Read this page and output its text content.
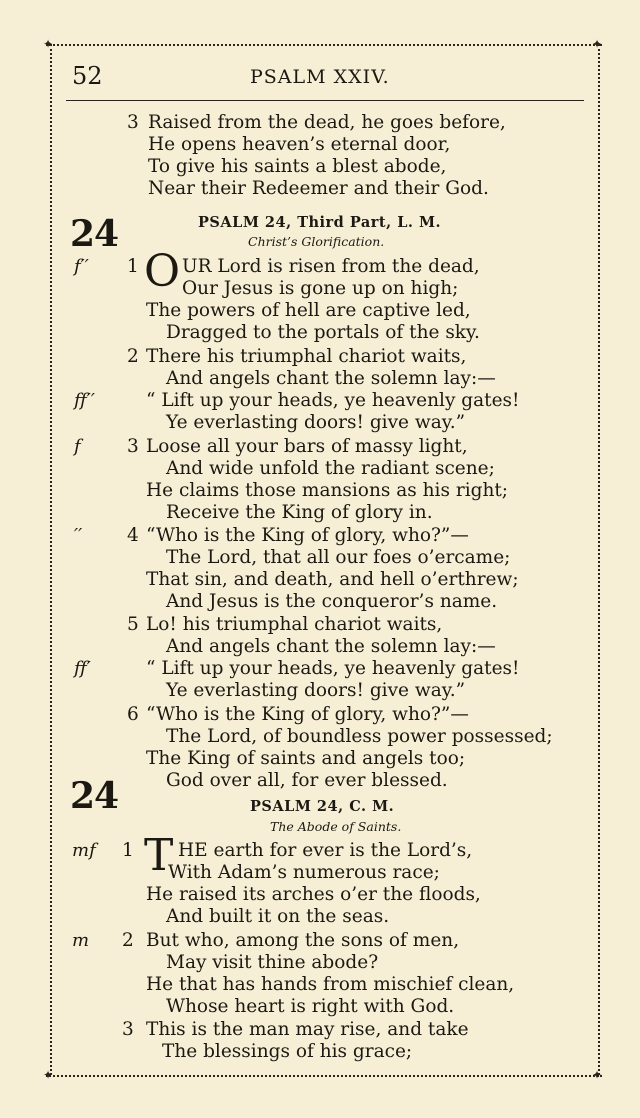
✦	✦
✦	✦
52	PSALM XXIV.
3 Raised from the dead, he goes before,
He opens heaven’s eternal door,
To give his saints a blest abode,
Near their Redeemer and their God.
24	PSALM 24, Third Part, L. M.
Christ’s Glorification.
f′′ 1 O UR Lord is risen from the dead,
Our Jesus is gone up on high;
The powers of hell are captive led,
Dragged to the portals of the sky.
2 There his triumphal chariot waits,
And angels chant the solemn lay:—
ff′′	“ Lift up your heads, ye heavenly gates!
Ye everlasting doors! give way.”
f	3 Loose all your bars of massy light,
And wide unfold the radiant scene;
He claims those mansions as his right;
Receive the King of glory in.
′′ 4 “Who is the King of glory, who?”—
The Lord, that all our foes o’ercame;
That sin, and death, and hell o’erthrew;
And Jesus is the conqueror’s name.
5 Lo! his triumphal chariot waits,
And angels chant the solemn lay:—
ff′	“ Lift up your heads, ye heavenly gates!
Ye everlasting doors! give way.”
6 “Who is the King of glory, who?”—
The Lord, of boundless power possessed;
The King of saints and angels too;
God over all, for ever blessed.
24	PSALM 24, C. M.
The Abode of Saints.
mf 1 T HE earth for ever is the Lord’s,
With Adam’s numerous race;
He raised its arches o’er the floods,
And built it on the seas.
m 2 But who, among the sons of men,
May visit thine abode?
He that has hands from mischief clean,
Whose heart is right with God.
3 This is the man may rise, and take
The blessings of his grace;
